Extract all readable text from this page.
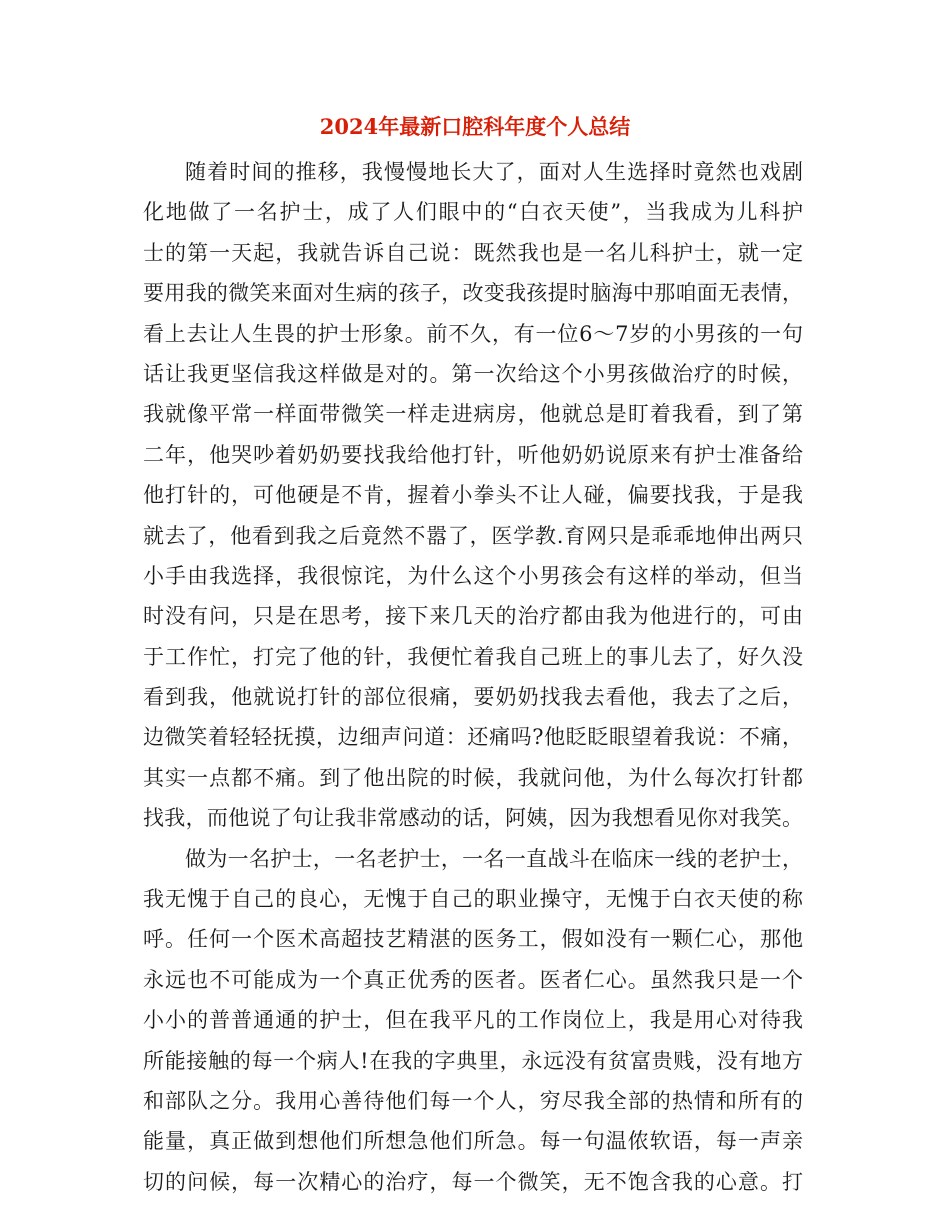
2024年最新口腔科年度个人总结
随着时间的推移，我慢慢地长大了，面对人生选择时竟然也戏剧
化地做了一名护士，成了人们眼中的“白衣天使”，当我成为儿科护
士的第一天起，我就告诉自己说：既然我也是一名儿科护士，就一定
要用我的微笑来面对生病的孩子，改变我孩提时脑海中那咱面无表情，
看上去让人生畏的护士形象。前不久，有一位6～7岁的小男孩的一句
话让我更坚信我这样做是对的。第一次给这个小男孩做治疗的时候，
我就像平常一样面带微笑一样走进病房，他就总是盯着我看，到了第
二年，他哭吵着奶奶要找我给他打针，听他奶奶说原来有护士准备给
他打针的，可他硬是不肯，握着小拳头不让人碰，偏要找我，于是我
就去了，他看到我之后竟然不嚣了，医学教.育网只是乖乖地伸出两只
小手由我选择，我很惊诧，为什么这个小男孩会有这样的举动，但当
时没有问，只是在思考，接下来几天的治疗都由我为他进行的，可由
于工作忙，打完了他的针，我便忙着我自己班上的事儿去了，好久没
看到我，他就说打针的部位很痛，要奶奶找我去看他，我去了之后，
边微笑着轻轻抚摸，边细声问道：还痛吗?他眨眨眼望着我说：不痛，
其实一点都不痛。到了他出院的时候，我就问他，为什么每次打针都
找我，而他说了句让我非常感动的话，阿姨，因为我想看见你对我笑。
做为一名护士，一名老护士，一名一直战斗在临床一线的老护士，
我无愧于自己的良心，无愧于自己的职业操守，无愧于白衣天使的称
呼。任何一个医术高超技艺精湛的医务工，假如没有一颗仁心，那他
永远也不可能成为一个真正优秀的医者。医者仁心。虽然我只是一个
小小的普普通通的护士，但在我平凡的工作岗位上，我是用心对待我
所能接触的每一个病人!在我的字典里，永远没有贫富贵贱，没有地方
和部队之分。我用心善待他们每一个人，穷尽我全部的热情和所有的
能量，真正做到想他们所想急他们所急。每一句温侬软语，每一声亲
切的问候，每一次精心的治疗，每一个微笑，无不饱含我的心意。打
